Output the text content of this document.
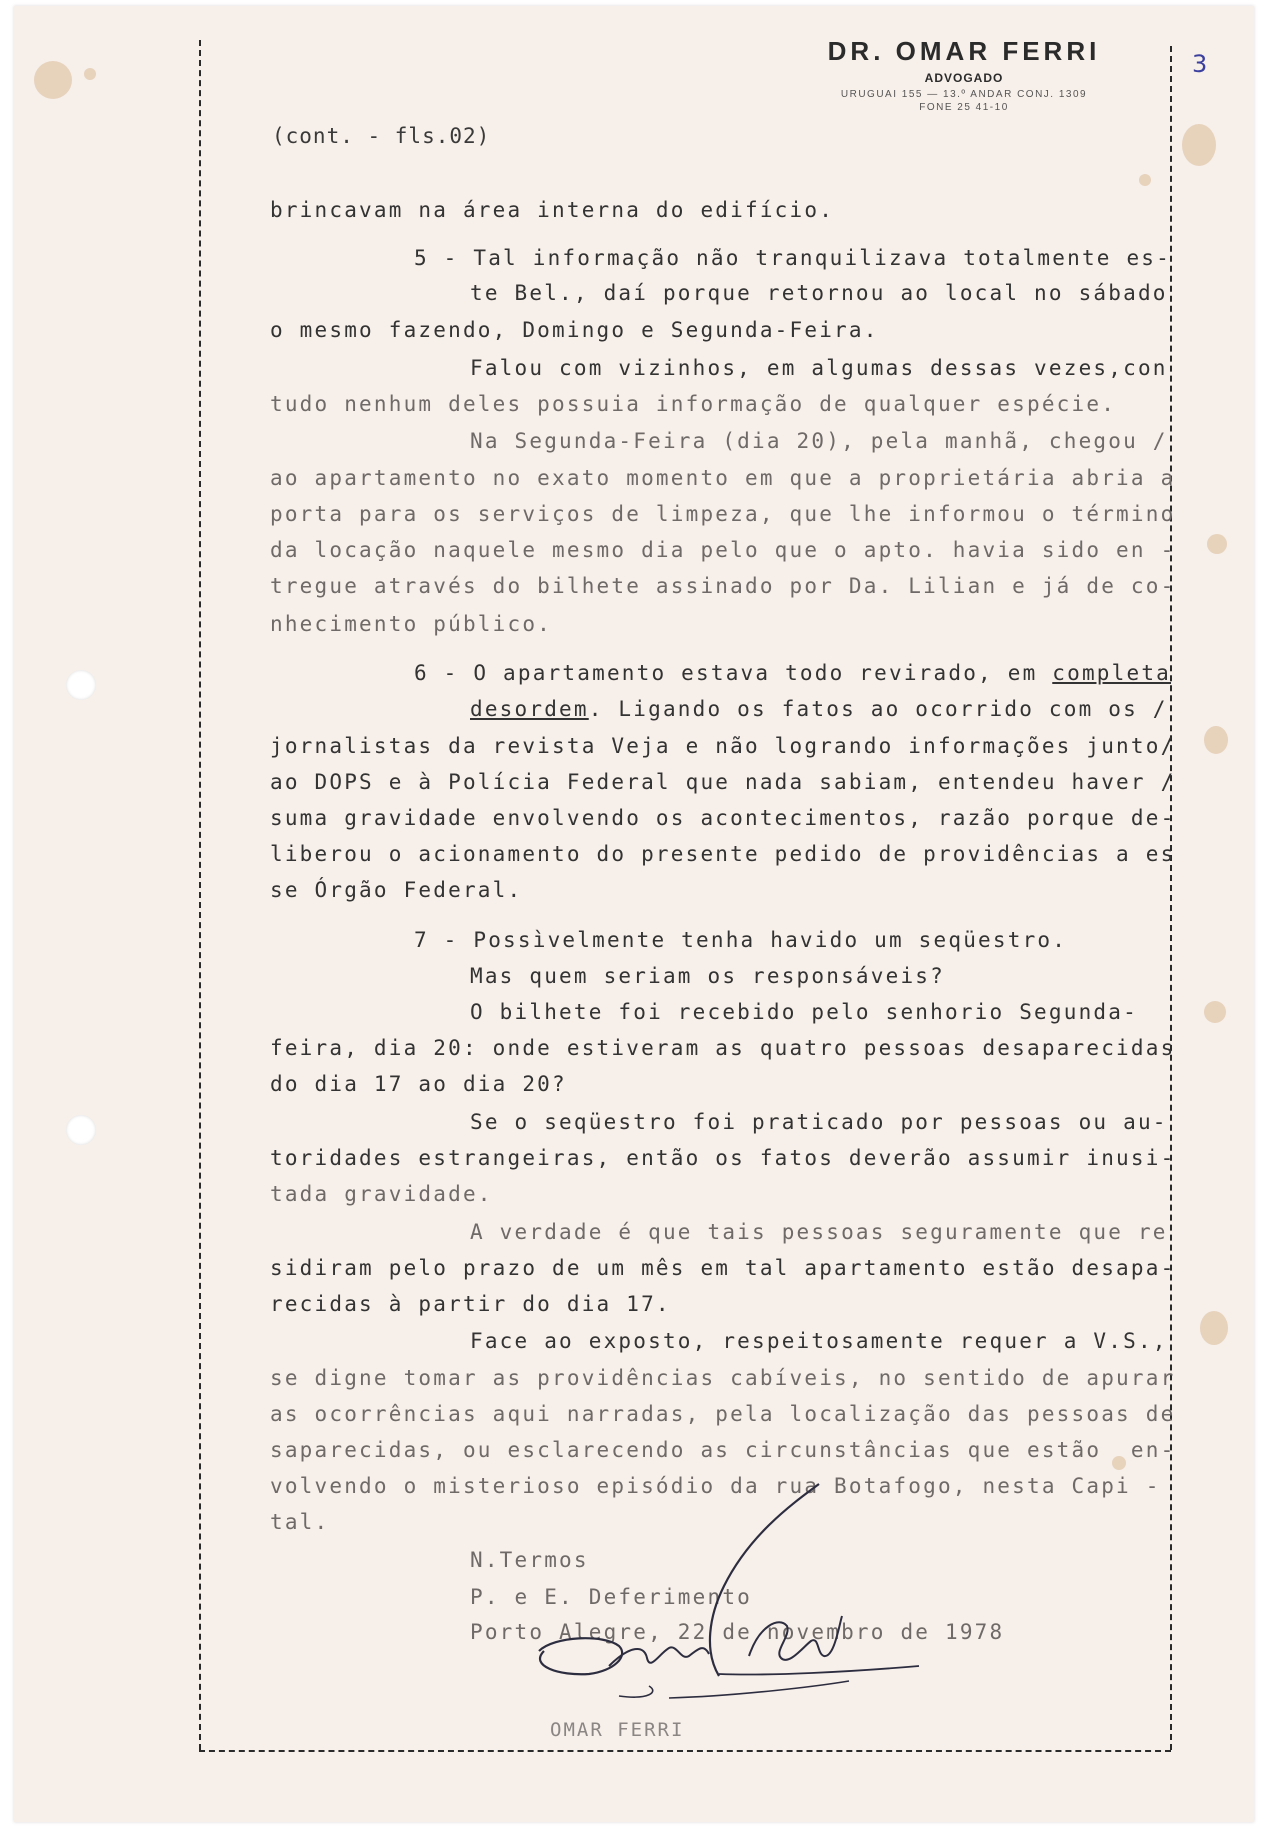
DR. OMAR FERRI
ADVOGADO
URUGUAI 155 — 13.º ANDAR CONJ. 1309
FONE 25 41-10
3
(cont. - fls.02)
brincavam na área interna do edifício.
5 - Tal informação não tranquilizava totalmente es-
te Bel., daí porque retornou ao local no sábado
o mesmo fazendo, Domingo e Segunda-Feira.
Falou com vizinhos, em algumas dessas vezes,con
tudo nenhum deles possuia informação de qualquer espécie.
Na Segunda-Feira (dia 20), pela manhã, chegou /
ao apartamento no exato momento em que a proprietária abria a
porta para os serviços de limpeza, que lhe informou o término
da locação naquele mesmo dia pelo que o apto. havia sido en -
tregue através do bilhete assinado por Da. Lilian e já de co-
nhecimento público.
6 - O apartamento estava todo revirado, em completa
desordem. Ligando os fatos ao ocorrido com os /
jornalistas da revista Veja e não logrando informações junto/
ao DOPS e à Polícia Federal que nada sabiam, entendeu haver /
suma gravidade envolvendo os acontecimentos, razão porque de-
liberou o acionamento do presente pedido de providências a es
se Órgão Federal.
7 - Possìvelmente tenha havido um seqüestro.
Mas quem seriam os responsáveis?
O bilhete foi recebido pelo senhorio Segunda-
feira, dia 20: onde estiveram as quatro pessoas desaparecidas
do dia 17 ao dia 20?
Se o seqüestro foi praticado por pessoas ou au-
toridades estrangeiras, então os fatos deverão assumir inusi-
tada gravidade.
A verdade é que tais pessoas seguramente que re
sidiram pelo prazo de um mês em tal apartamento estão desapa-
recidas à partir do dia 17.
Face ao exposto, respeitosamente requer a V.S.,
se digne tomar as providências cabíveis, no sentido de apurar
as ocorrências aqui narradas, pela localização das pessoas de
saparecidas, ou esclarecendo as circunstâncias que estão  en-
volvendo o misterioso episódio da rua Botafogo, nesta Capi -
tal.
N.Termos
P. e E. Deferimento
Porto Alegre, 22 de novembro de 1978
OMAR FERRI
